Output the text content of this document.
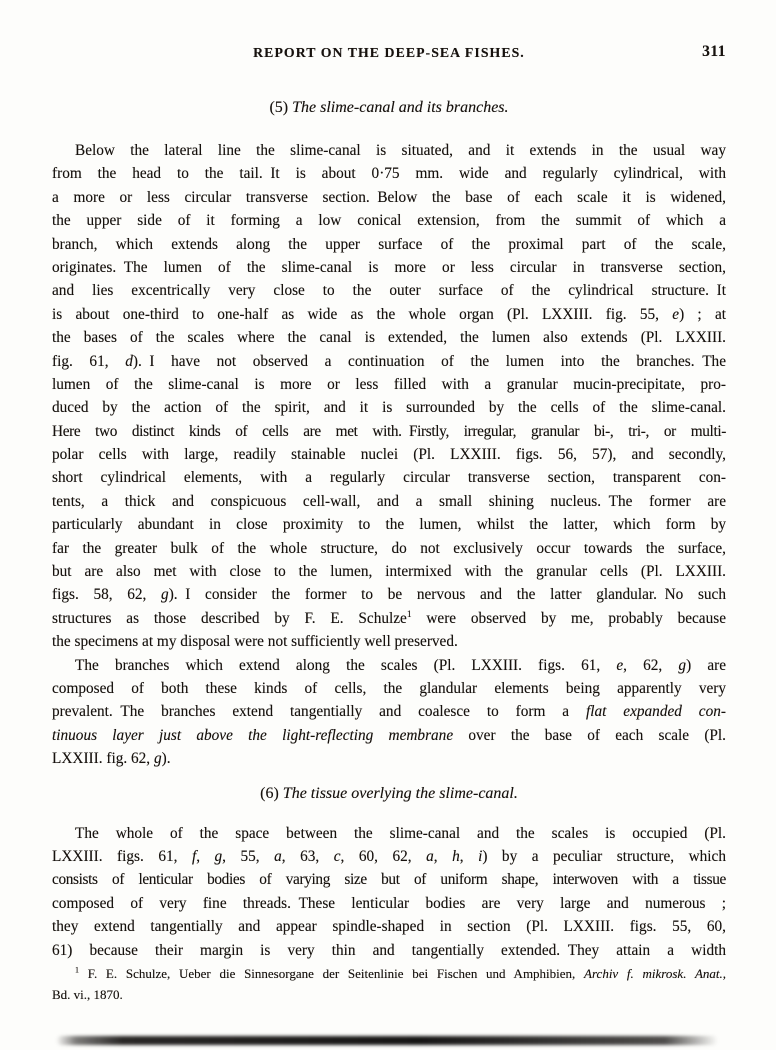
REPORT ON THE DEEP-SEA FISHES.	311
(5) The slime-canal and its branches.
Below the lateral line the slime-canal is situated, and it extends in the usual way
from the head to the tail. It is about 0·75 mm. wide and regularly cylindrical, with
a more or less circular transverse section. Below the base of each scale it is widened,
the upper side of it forming a low conical extension, from the summit of which a
branch, which extends along the upper surface of the proximal part of the scale,
originates. The lumen of the slime-canal is more or less circular in transverse section,
and lies excentrically very close to the outer surface of the cylindrical structure. It
is about one-third to one-half as wide as the whole organ (Pl. LXXIII. fig. 55, e) ; at
the bases of the scales where the canal is extended, the lumen also extends (Pl. LXXIII.
fig. 61, d). I have not observed a continuation of the lumen into the branches. The
lumen of the slime-canal is more or less filled with a granular mucin-precipitate, pro-
duced by the action of the spirit, and it is surrounded by the cells of the slime-canal.
Here two distinct kinds of cells are met with. Firstly, irregular, granular bi-, tri-, or multi-
polar cells with large, readily stainable nuclei (Pl. LXXIII. figs. 56, 57), and secondly,
short cylindrical elements, with a regularly circular transverse section, transparent con-
tents, a thick and conspicuous cell-wall, and a small shining nucleus. The former are
particularly abundant in close proximity to the lumen, whilst the latter, which form by
far the greater bulk of the whole structure, do not exclusively occur towards the surface,
but are also met with close to the lumen, intermixed with the granular cells (Pl. LXXIII.
figs. 58, 62, g). I consider the former to be nervous and the latter glandular. No such
structures as those described by F. E. Schulze$^1$ were observed by me, probably because
the specimens at my disposal were not sufficiently well preserved.
The branches which extend along the scales (Pl. LXXIII. figs. 61, e, 62, g) are
composed of both these kinds of cells, the glandular elements being apparently very
prevalent. The branches extend tangentially and coalesce to form a flat expanded con-
tinuous layer just above the light-reflecting membrane over the base of each scale (Pl.
LXXIII. fig. 62, g).
(6) The tissue overlying the slime-canal.
The whole of the space between the slime-canal and the scales is occupied (Pl.
LXXIII. figs. 61, f, g, 55, a, 63, c, 60, 62, a, h, i) by a peculiar structure, which
consists of lenticular bodies of varying size but of uniform shape, interwoven with a tissue
composed of very fine threads. These lenticular bodies are very large and numerous ;
they extend tangentially and appear spindle-shaped in section (Pl. LXXIII. figs. 55, 60,
61) because their margin is very thin and tangentially extended. They attain a width
$^1$ F. E. Schulze, Ueber die Sinnesorgane der Seitenlinie bei Fischen und Amphibien, Archiv f. mikrosk. Anat.,
Bd. vi., 1870.
